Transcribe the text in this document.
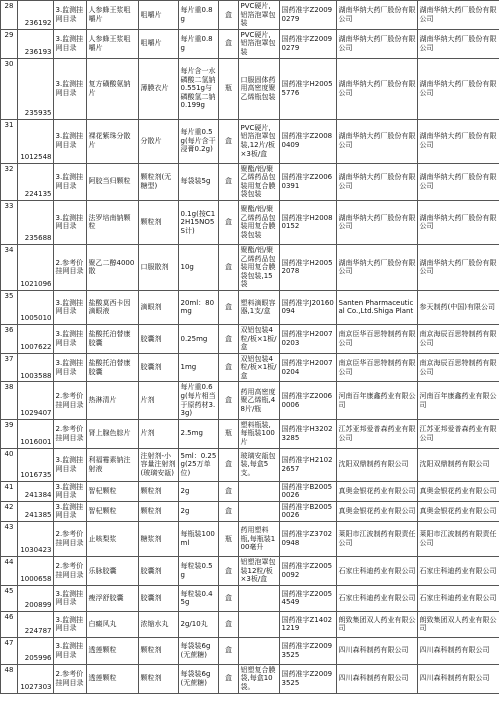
28	236192	3.监测挂网目录	人参蜂王浆咀嚼片	咀嚼片	每片重0.8g	盒	PVC硬片,铝箔泡罩包装	国药准字Z20090279	湖南华纳大药厂股份有限公司	湖南华纳大药厂股份有限公司
29	236193	3.监测挂网目录	人参蜂王浆咀嚼片	咀嚼片	每片重0.8g	盒	PVC硬片,铝箔泡罩包装	国药准字Z20090279	湖南华纳大药厂股份有限公司	湖南华纳大药厂股份有限公司
30	235935	3.监测挂网目录	复方磺酸氨钠片	薄膜衣片	每片含一水磷酸二氢钠0.551g与磷酸氢二钠0.199g	瓶	口服固体药用高密度聚乙烯瓶包装	国药准字H20055776	湖南华纳大药厂股份有限公司	湖南华纳大药厂股份有限公司
31	1012548	3.监测挂网目录	裸花紫珠分散片	分散片	每片重0.5g(每片含干浸膏0.2g)	盒	PVC硬片,铝箔泡罩包装,12片/板×3板/盒	国药准字Z20080409	湖南华纳大药厂股份有限公司	湖南华纳大药厂股份有限公司
32	224135	3.监测挂网目录	阿胶当归颗粒	颗粒剂(无糖型)	每袋装5g	盒	聚酯/铝/聚乙烯药品包装用复合膜袋包装	国药准字Z20060391	湖南华纳大药厂股份有限公司	湖南华纳大药厂股份有限公司
33	235688	3.监测挂网目录	法罗培南钠颗粒	颗粒剂	0.1g(按C12H15NO5S计)	盒	聚酯/铝/聚乙烯药品包装用复合膜袋包装	国药准字H20080152	湖南华纳大药厂股份有限公司	湖南华纳大药厂股份有限公司
34	1021096	2.参考价挂网目录	聚乙二醇4000散	口服散剂	10g	盒	聚酯/铝/聚乙烯药品包装用复合膜袋包装,15袋	国药准字H20052078	湖南华纳大药厂股份有限公司	湖南华纳大药厂股份有限公司
35	1005010	3.监测挂网目录	盐酸莫西卡因滴眼液	滴眼剂	20ml：80mg	盒	塑料滴眼容器,1支/盒	国药准字J20160094	Santen Pharmaceutical Co.,Ltd.Shiga Plant	参天制药(中国)有限公司
36	1007622	3.监测挂网目录	盐酸托泊替康胶囊	胶囊剂	0.25mg	盒	双铝包装4粒/板×1板/盒	国药准字H20070203	南京臣华百思特制药有限公司	南京海辰百思特制药有限公司
37	1003588	3.监测挂网目录	盐酸托泊替康胶囊	胶囊剂	1mg	盒	双铝包装4粒/板×1板/盒	国药准字H20070204	南京臣华百思特制药有限公司	南京海辰百思特制药有限公司
38	1029407	2.参考价挂网目录	热淋清片	片剂	每片重0.6g(每片相当于原药材3.3g)	盒	药用高密度聚乙烯瓶,48片/瓶	国药准字Z20060006	河南百年康鑫药业有限公司	河南百年康鑫药业有限公司
39	1016001	2.参考价挂网目录	肾上腺色腙片	片剂	2.5mg	瓶	塑料瓶装,每瓶装100片	国药准字H32023285	江苏亚邦爱普森药业有限公司	江苏亚邦爱普森药业有限公司
40	1016735	3.监测挂网目录	利福霉素钠注射液	注射剂-小容量注射剂(玻璃安瓿)	5ml：0.25g(25万单位)	盒	玻璃安瓿包装,每盒5支。	国药准字H21022657	沈阳双鼎制药有限公司	沈阳双鼎制药有限公司
41	241384	3.监测挂网目录	智杞颗粒	颗粒剂	2g	盒		国药准字B20050026	真奥金银花药业有限公司	真奥金银花药业有限公司
42	241385	3.监测挂网目录	智杞颗粒	颗粒剂	2g	盒		国药准字B20050026	真奥金银花药业有限公司	真奥金银花药业有限公司
43	1030423	2.参考价挂网目录	止咳梨浆	糖浆剂	每瓶装100ml	瓶	药用塑料瓶,每瓶装100毫升	国药准字Z37020948	莱阳市江波制药有限责任公司	莱阳市江波制药有限责任公司
44	1000658	2.参考价挂网目录	乐脉胶囊	胶囊剂	每粒装0.5g	盒	铝塑泡罩包装12粒/板×3板/盒	国药准字Z20050092	石家庄科迪药业有限公司	石家庄科迪药业有限公司
45	200899	3.监测挂网目录	瘦浮舒胶囊	胶囊剂	每粒装0.45g	盒		国药准字Z20054549	石家庄科迪药业有限公司	石家庄科迪药业有限公司
46	224787	3.监测挂网目录	白癜风丸	浓缩水丸	2g/10丸	盒		国药准字Z14021219	朗致集团双人药业有限公司	朗致集团双人药业有限公司
47	205996	3.监测挂网目录	透莲颗粒	颗粒剂	每袋装6g(无蔗糖)	盒		国药准字Z20093525	四川森科制药有限公司	四川森科制药有限公司
48	1027303	2.参考价挂网目录	透莲颗粒	颗粒剂	每袋装6g(无蔗糖)	盒	铝塑复合膜袋,每盒10袋。	国药准字Z20093525	四川森科制药有限公司	四川森科制药有限公司
